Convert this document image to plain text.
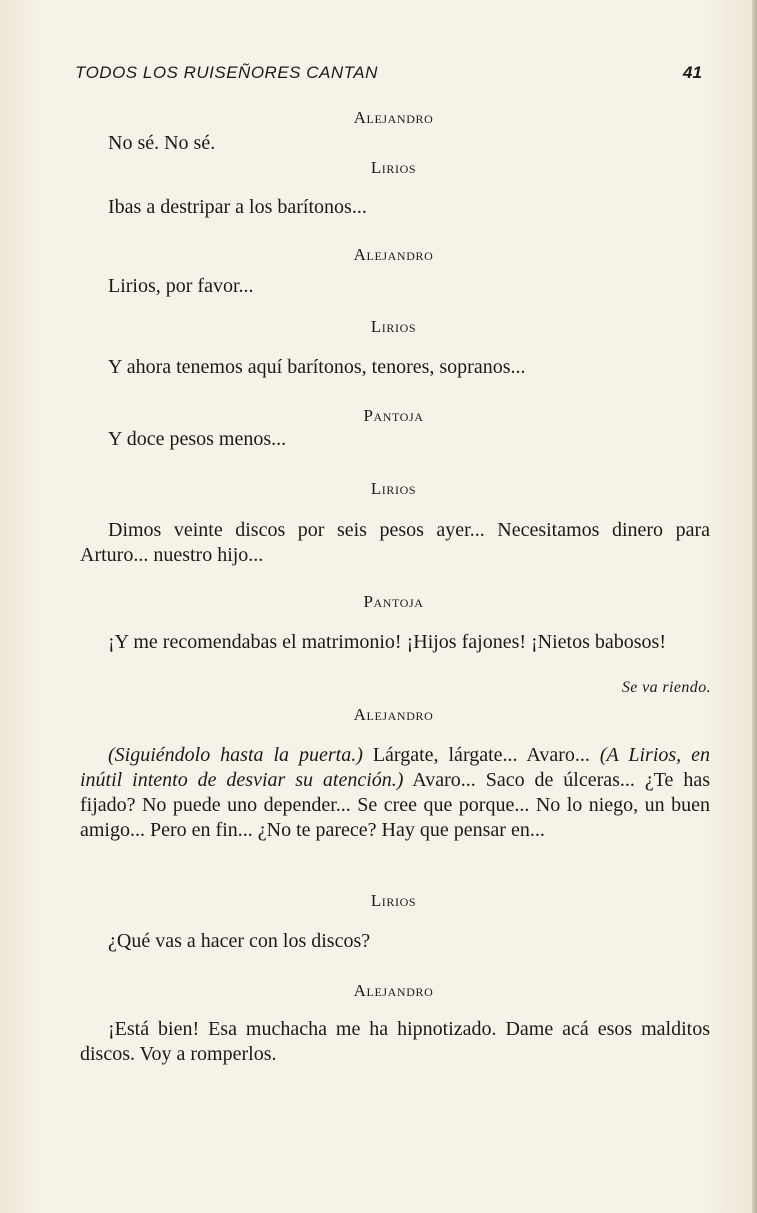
TODOS LOS RUISEÑORES CANTAN	41
Alejandro
No sé. No sé.
Lirios
Ibas a destripar a los barítonos...
Alejandro
Lirios, por favor...
Lirios
Y ahora tenemos aquí barítonos, tenores, sopranos...
Pantoja
Y doce pesos menos...
Lirios
Dimos veinte discos por seis pesos ayer... Necesitamos dinero para Arturo... nuestro hijo...
Pantoja
¡Y me recomendabas el matrimonio! ¡Hijos fajones! ¡Nietos babosos!
Se va riendo.
Alejandro
(Siguiéndolo hasta la puerta.) Lárgate, lárgate... Avaro... (A Lirios, en inútil intento de desviar su atención.) Avaro... Saco de úlceras... ¿Te has fijado? No puede uno depender... Se cree que porque... No lo niego, un buen amigo... Pero en fin... ¿No te parece? Hay que pensar en...
Lirios
¿Qué vas a hacer con los discos?
Alejandro
¡Está bien! Esa muchacha me ha hipnotizado. Dame acá esos malditos discos. Voy a romperlos.
